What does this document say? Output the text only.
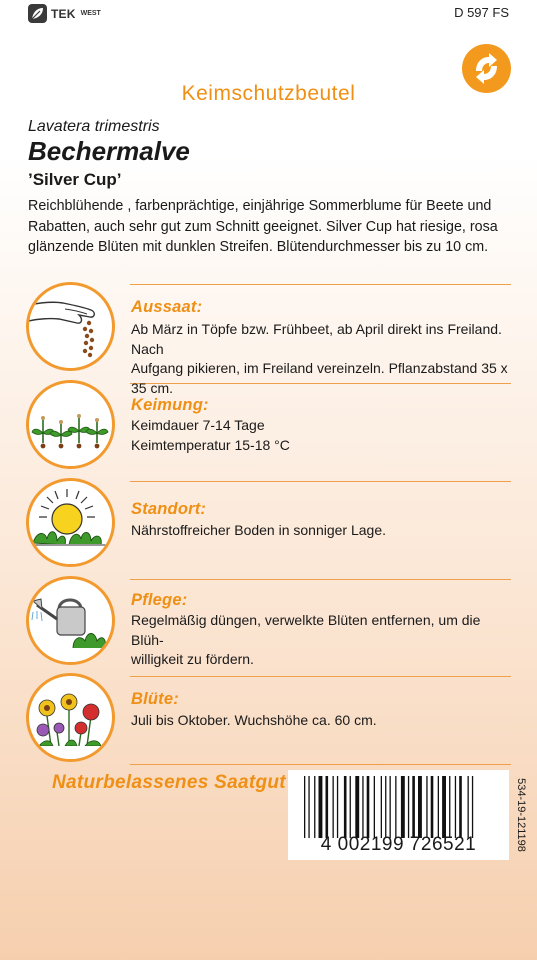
TEK WEST	D 597 FS
Keimschutzbeutel
Lavatera trimestris
Bechermalve
’Silver Cup’
Reichblühende , farbenprächtige, einjährige Sommerblume für Beete und Rabatten, auch sehr gut zum Schnitt geeignet. Silver Cup hat riesige, rosa glänzende Blüten mit dunklen Streifen. Blütendurchmesser bis zu 10 cm.
Aussaat:
Ab März in Töpfe bzw. Frühbeet, ab April direkt ins Freiland. Nach
Aufgang pikieren, im Freiland vereinzeln. Pflanzabstand 35 x 35 cm.
Keimung:
Keimdauer 7-14 Tage
Keimtemperatur 15-18 °C
Standort:
Nährstoffreicher Boden in sonniger Lage.
Pflege:
Regelmäßig düngen, verwelkte Blüten entfernen, um die Blüh-
willigkeit zu fördern.
Blüte:
Juli bis Oktober. Wuchshöhe ca. 60 cm.
Naturbelassenes Saatgut
4 002199 726521	534-19-121198
